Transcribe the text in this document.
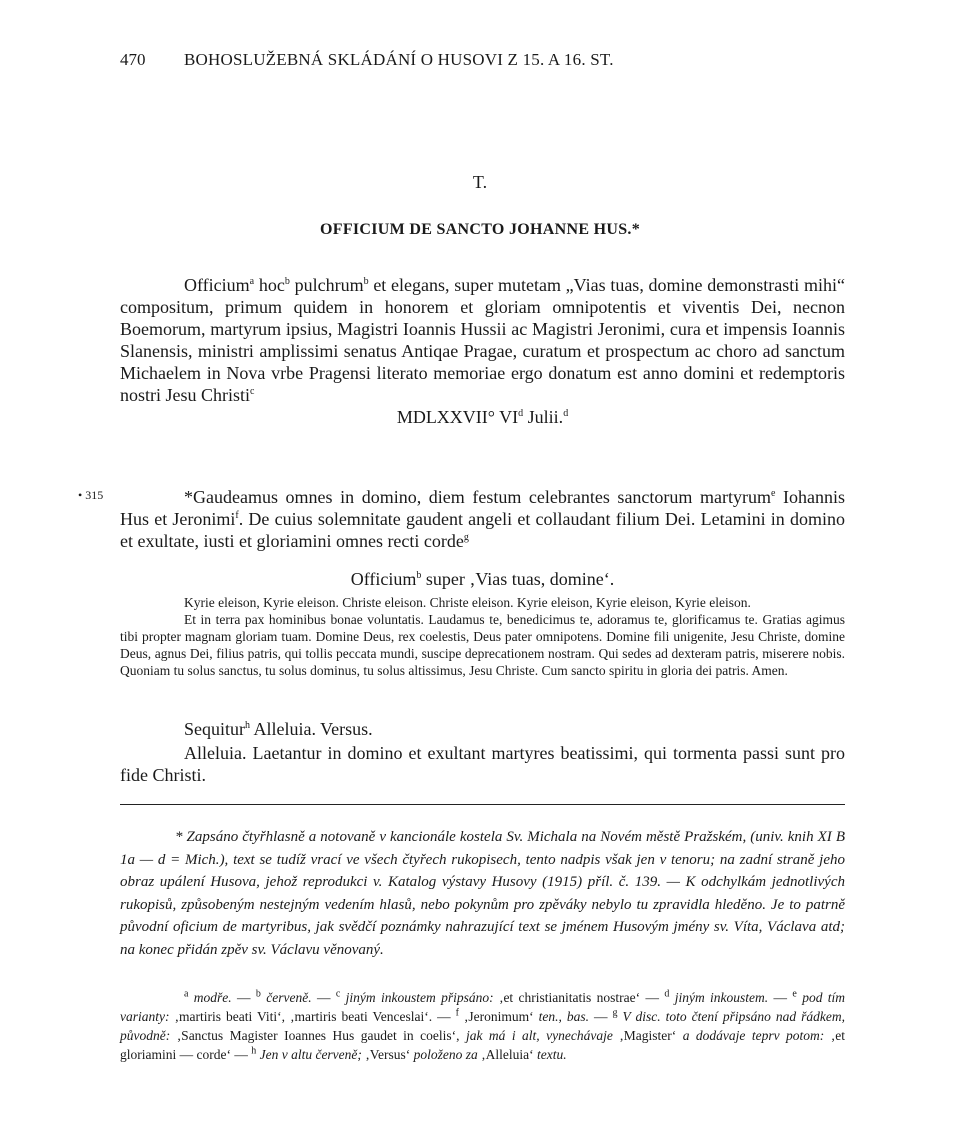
470 BOHOSLUŽEBNÁ SKLÁDÁNÍ O HUSOVI Z 15. A 16. ST.
T.
OFFICIUM DE SANCTO JOHANNE HUS.*
Officium$^a$ hoc$^b$ pulchrum$^b$ et elegans, super mutetam „Vias tuas, domine demonstrasti mihi“ compositum, primum quidem in honorem et gloriam omnipotentis et viventis Dei, necnon Boemorum, martyrum ipsius, Magistri Ioannis Hussii ac Magistri Jeronimi, cura et impensis Ioannis Slanensis, ministri amplissimi senatus Antiqae Pragae, curatum et prospectum ac choro ad sanctum Michaelem in Nova vrbe Pragensi literato memoriae ergo donatum est anno domini et redemptoris nostri Jesu Christi$^c$
MDLXXVII° $VI^d$ Julii.$^d$
• 315	*Gaudeamus omnes in domino, diem festum celebrantes sanctorum martyrum$^e$ Iohannis Hus et Jeronimi$^f$. De cuius solemnitate gaudent angeli et collaudant filium Dei. Letamini in domino et exultate, iusti et gloriamini omnes recti corde$^g$
Officium$^b$ super ‚Vias tuas, domine‘.
Kyrie eleison, Kyrie eleison. Christe eleison. Christe eleison. Kyrie eleison, Kyrie eleison, Kyrie eleison.
Et in terra pax hominibus bonae voluntatis. Laudamus te, benedicimus te, adoramus te, glorificamus te. Gratias agimus tibi propter magnam gloriam tuam. Domine Deus, rex coelestis, Deus pater omnipotens. Domine fili unigenite, Jesu Christe, domine Deus, agnus Dei, filius patris, qui tollis peccata mundi, suscipe deprecationem nostram. Qui sedes ad dexteram patris, miserere nobis. Quoniam tu solus sanctus, tu solus dominus, tu solus altissimus, Jesu Christe. Cum sancto spiritu in gloria dei patris. Amen.
Sequitur$^h$ Alleluia. Versus.
Alleluia. Laetantur in domino et exultant martyres beatissimi, qui tormenta passi sunt pro fide Christi.
* Zapsáno čtyřhlasně a notovaně v kancionále kostela Sv. Michala na Novém městě Pražském, (univ. knih XI B 1a — d = Mich.), text se tudíž vrací ve všech čtyřech rukopisech, tento nadpis však jen v tenoru; na zadní straně jeho obraz upálení Husova, jehož reprodukci v. Katalog výstavy Husovy (1915) příl. č. 139. — K odchylkám jednotlivých rukopisů, způsobeným nestejným vedením hlasů, nebo pokynům pro zpěváky nebylo tu zpravidla hleděno. Je to patrně původní oficium de martyribus, jak svědčí poznámky nahrazující text se jménem Husovým jmény sv. Víta, Václava atd; na konec přidán zpěv sv. Václavu věnovaný.
$^a$ modře. — $^b$ červeně. — $^c$ jiným inkoustem připsáno: ‚et christianitatis nostrae‘ — $^d$ jiným inkoustem. — $^e$ pod tím varianty: ‚martiris beati Viti‘, ‚martiris beati Venceslai‘. — $^f$ ‚Jeronimum‘ ten., bas. — $^g$ V disc. toto čtení připsáno nad řádkem, původně: ‚Sanctus Magister Ioannes Hus gaudet in coelis‘, jak má i alt, vynechávaje ‚Magister‘ a dodávaje teprv potom: ‚et gloriamini — corde‘ — $^h$ Jen v altu červeně; ‚Versus‘ položeno za ‚Alleluia‘ textu.
